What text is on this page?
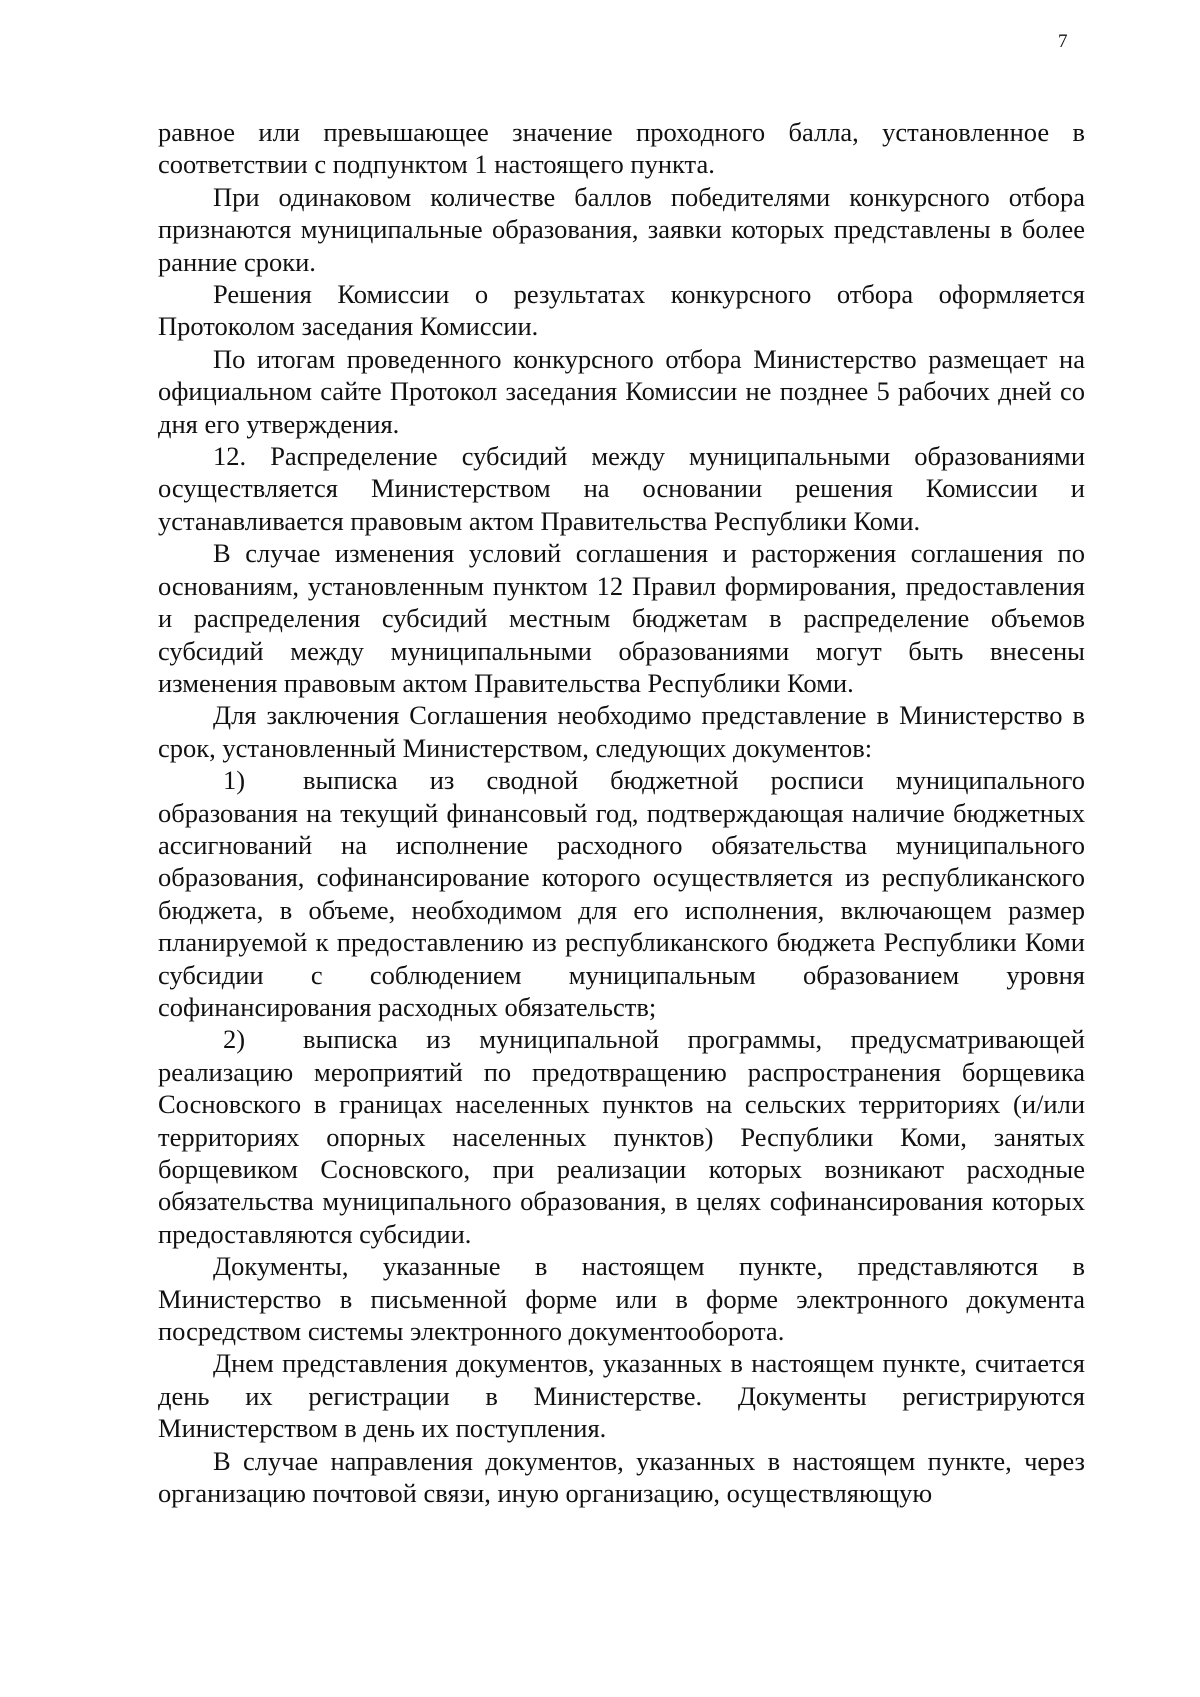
7

равное или превышающее значение проходного балла, установленное в соответствии с подпунктом 1 настоящего пункта.

При одинаковом количестве баллов победителями конкурсного отбора признаются муниципальные образования, заявки которых представлены в более ранние сроки.

Решения Комиссии о результатах конкурсного отбора оформляется Протоколом заседания Комиссии.

По итогам проведенного конкурсного отбора Министерство размещает на официальном сайте Протокол заседания Комиссии не позднее 5 рабочих дней со дня его утверждения.

12. Распределение субсидий между муниципальными образованиями осуществляется Министерством на основании решения Комиссии и устанавливается правовым актом Правительства Республики Коми.

В случае изменения условий соглашения и расторжения соглашения по основаниям, установленным пунктом 12 Правил формирования, предоставления и распределения субсидий местным бюджетам в распределение объемов субсидий между муниципальными образованиями могут быть внесены изменения правовым актом Правительства Республики Коми.

Для заключения Соглашения необходимо представление в Министерство в срок, установленный Министерством, следующих документов:

1) выписка из сводной бюджетной росписи муниципального образования на текущий финансовый год, подтверждающая наличие бюджетных ассигнований на исполнение расходного обязательства муниципального образования, софинансирование которого осуществляется из республиканского бюджета, в объеме, необходимом для его исполнения, включающем размер планируемой к предоставлению из республиканского бюджета Республики Коми субсидии с соблюдением муниципальным образованием уровня софинансирования расходных обязательств;

2) выписка из муниципальной программы, предусматривающей реализацию мероприятий по предотвращению распространения борщевика Сосновского в границах населенных пунктов на сельских территориях (и/или территориях опорных населенных пунктов) Республики Коми, занятых борщевиком Сосновского, при реализации которых возникают расходные обязательства муниципального образования, в целях софинансирования которых предоставляются субсидии.

Документы, указанные в настоящем пункте, представляются в Министерство в письменной форме или в форме электронного документа посредством системы электронного документооборота.

Днем представления документов, указанных в настоящем пункте, считается день их регистрации в Министерстве. Документы регистрируются Министерством в день их поступления.

В случае направления документов, указанных в настоящем пункте, через организацию почтовой связи, иную организацию, осуществляющую
